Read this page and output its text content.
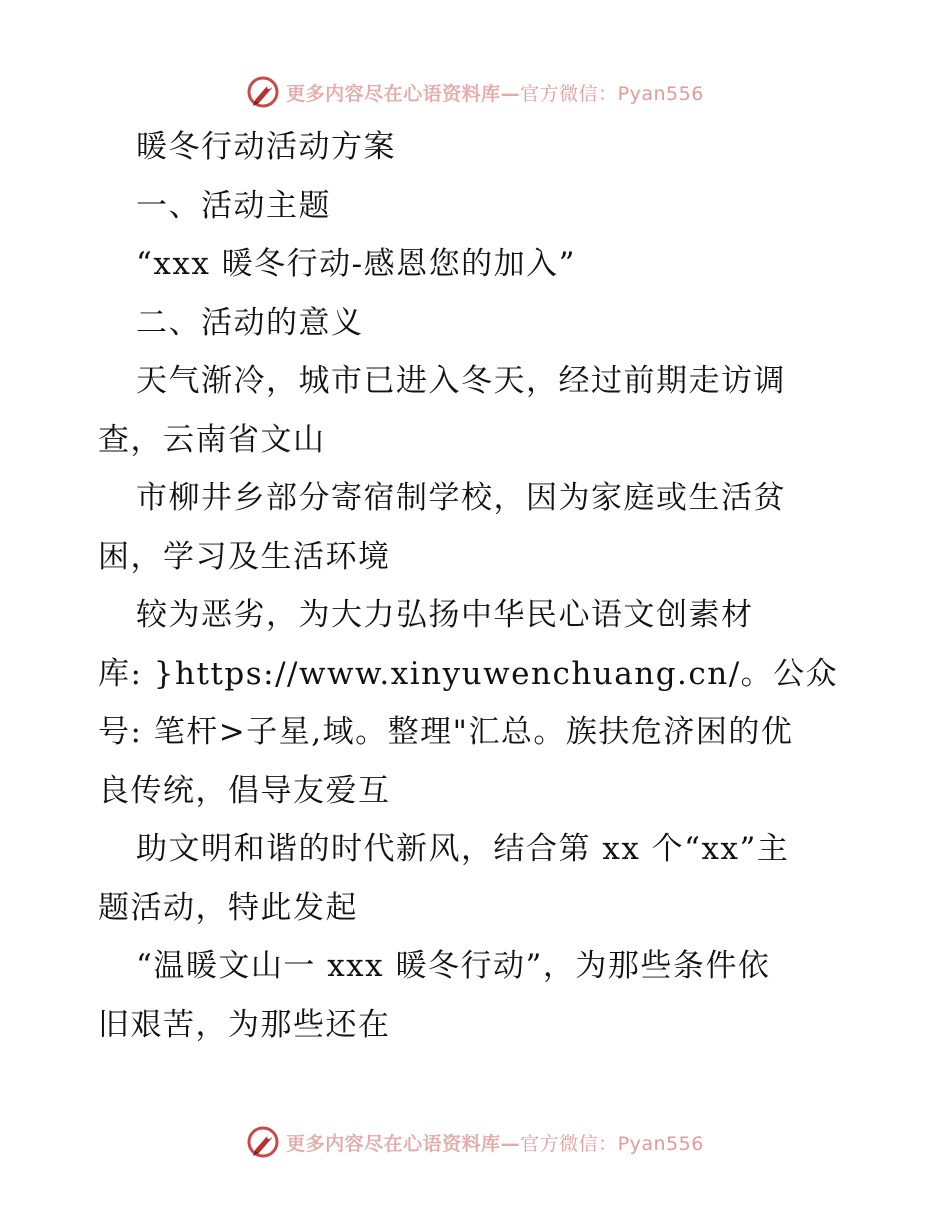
更多内容尽在心语资料库—官方微信：Pyan556
暖冬行动活动方案
一、活动主题
“xxx 暖冬行动-感恩您的加入”
二、活动的意义
天气渐冷，城市已进入冬天，经过前期走访调
查，云南省文山
市柳井乡部分寄宿制学校，因为家庭或生活贫
困，学习及生活环境
较为恶劣，为大力弘扬中华民心语文创素材
库: }https://www.xinyuwenchuang.cn/。公众
号: 笔杆>子星,域。整理"汇总。族扶危济困的优
良传统，倡导友爱互
助文明和谐的时代新风，结合第 xx 个“xx”主
题活动，特此发起
“温暖文山一 xxx 暖冬行动”，为那些条件依
旧艰苦，为那些还在
更多内容尽在心语资料库—官方微信：Pyan556
